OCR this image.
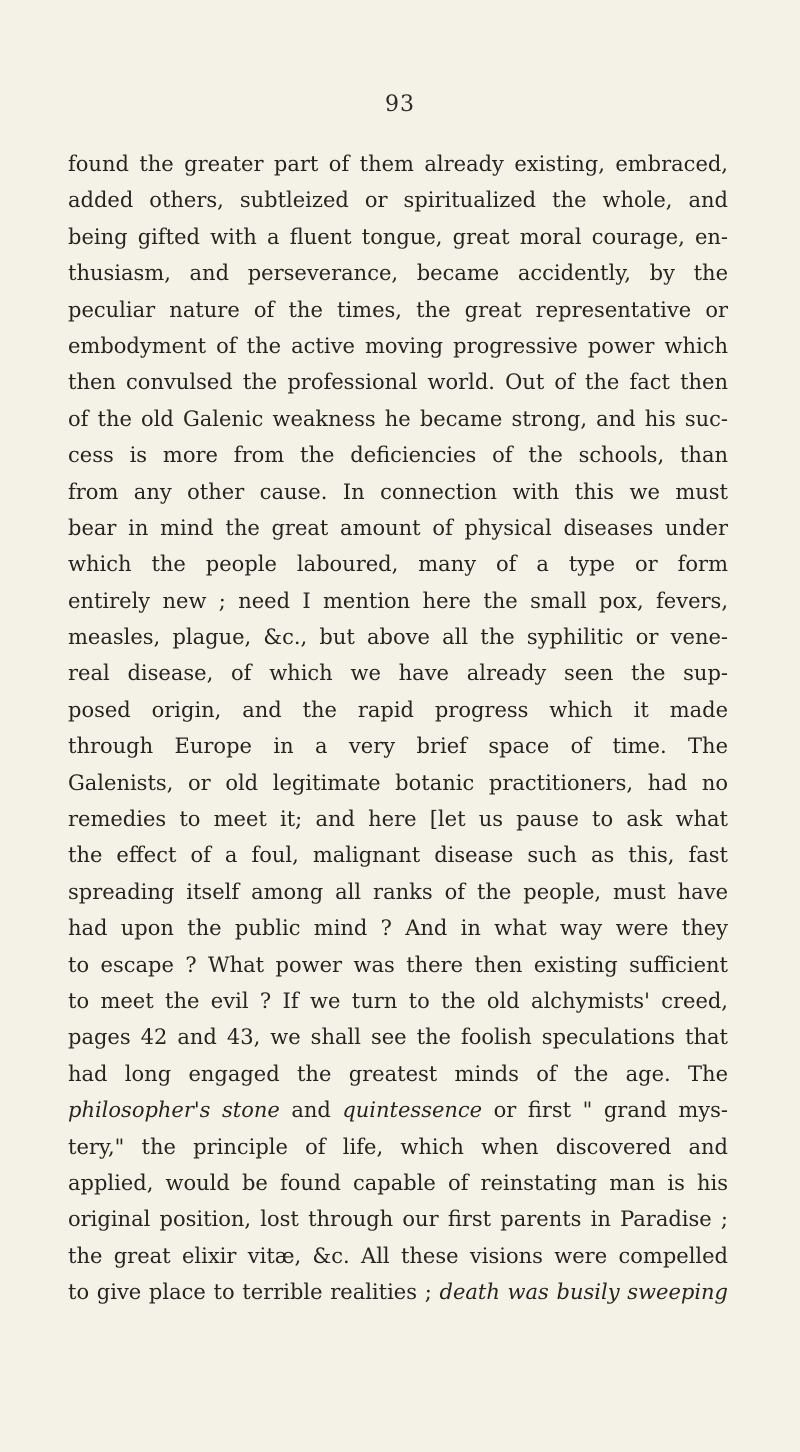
93
found the greater part of them already existing, embraced,
added others, subtleized or spiritualized the whole, and
being gifted with a fluent tongue, great moral courage, en-
thusiasm, and perseverance, became accidently, by the
peculiar nature of the times, the great representative or
embodyment of the active moving progressive power which
then convulsed the professional world. Out of the fact then
of the old Galenic weakness he became strong, and his suc-
cess is more from the deficiencies of the schools, than
from any other cause. In connection with this we must
bear in mind the great amount of physical diseases under
which the people laboured, many of a type or form
entirely new ; need I mention here the small pox, fevers,
measles, plague, &c., but above all the syphilitic or vene-
real disease, of which we have already seen the sup-
posed origin, and the rapid progress which it made
through Europe in a very brief space of time. The
Galenists, or old legitimate botanic practitioners, had no
remedies to meet it; and here [let us pause to ask what
the effect of a foul, malignant disease such as this, fast
spreading itself among all ranks of the people, must have
had upon the public mind ? And in what way were they
to escape ? What power was there then existing sufficient
to meet the evil ? If we turn to the old alchymists' creed,
pages 42 and 43, we shall see the foolish speculations that
had long engaged the greatest minds of the age. The
philosopher's stone and quintessence or first " grand mys-
tery," the principle of life, which when discovered and
applied, would be found capable of reinstating man is his
original position, lost through our first parents in Paradise ;
the great elixir vitæ, &c. All these visions were compelled
to give place to terrible realities ; death was busily sweeping
